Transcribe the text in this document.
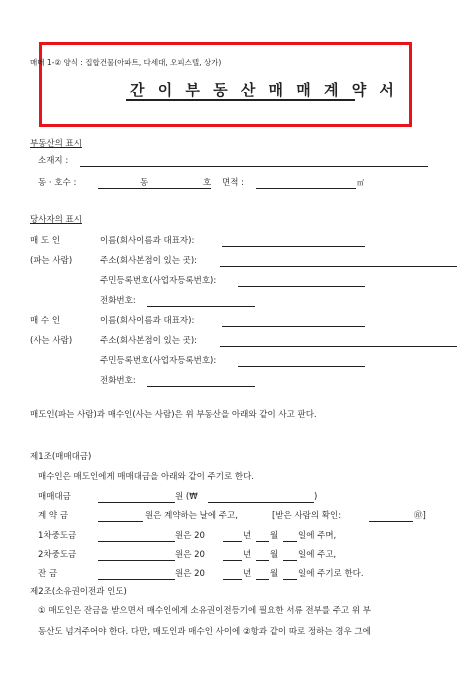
매매 1-② 양식 : 집합건물(아파트, 다세대, 오피스텔, 상가)
간 이 부 동 산 매 매 계 약 서
부동산의 표시
소재지 :
동 · 호수 :	동	호 면적 :	㎡
당사자의 표시
매 도 인	이름(회사이름과 대표자):
(파는 사람)	주소(회사본점이 있는 곳):
주민등록번호(사업자등록번호):
전화번호:
매 수 인	이름(회사이름과 대표자):
(사는 사람)	주소(회사본점이 있는 곳):
주민등록번호(사업자등록번호):
전화번호:
매도인(파는 사람)과 매수인(사는 사람)은 위 부동산을 아래와 같이 사고 판다.
제1조(매매대금)
매수인은 매도인에게 매매대금을 아래와 같이 주기로 한다.
매매대금	원 (₩	)
계 약 금	원은 계약하는 날에 주고,	[받은 사람의 확인:	㊞]
1차중도금	원은 20	년 월 일에 주며,
2차중도금	원은 20	년 월 일에 주고,
잔 금	원은 20	년 월 일에 주기로 한다.
제2조(소유권이전과 인도)
① 매도인은 잔금을 받으면서 매수인에게 소유권이전등기에 필요한 서류 전부를 주고 위 부
동산도 넘겨주어야 한다. 다만, 매도인과 매수인 사이에 ②항과 같이 따로 정하는 경우 그에
